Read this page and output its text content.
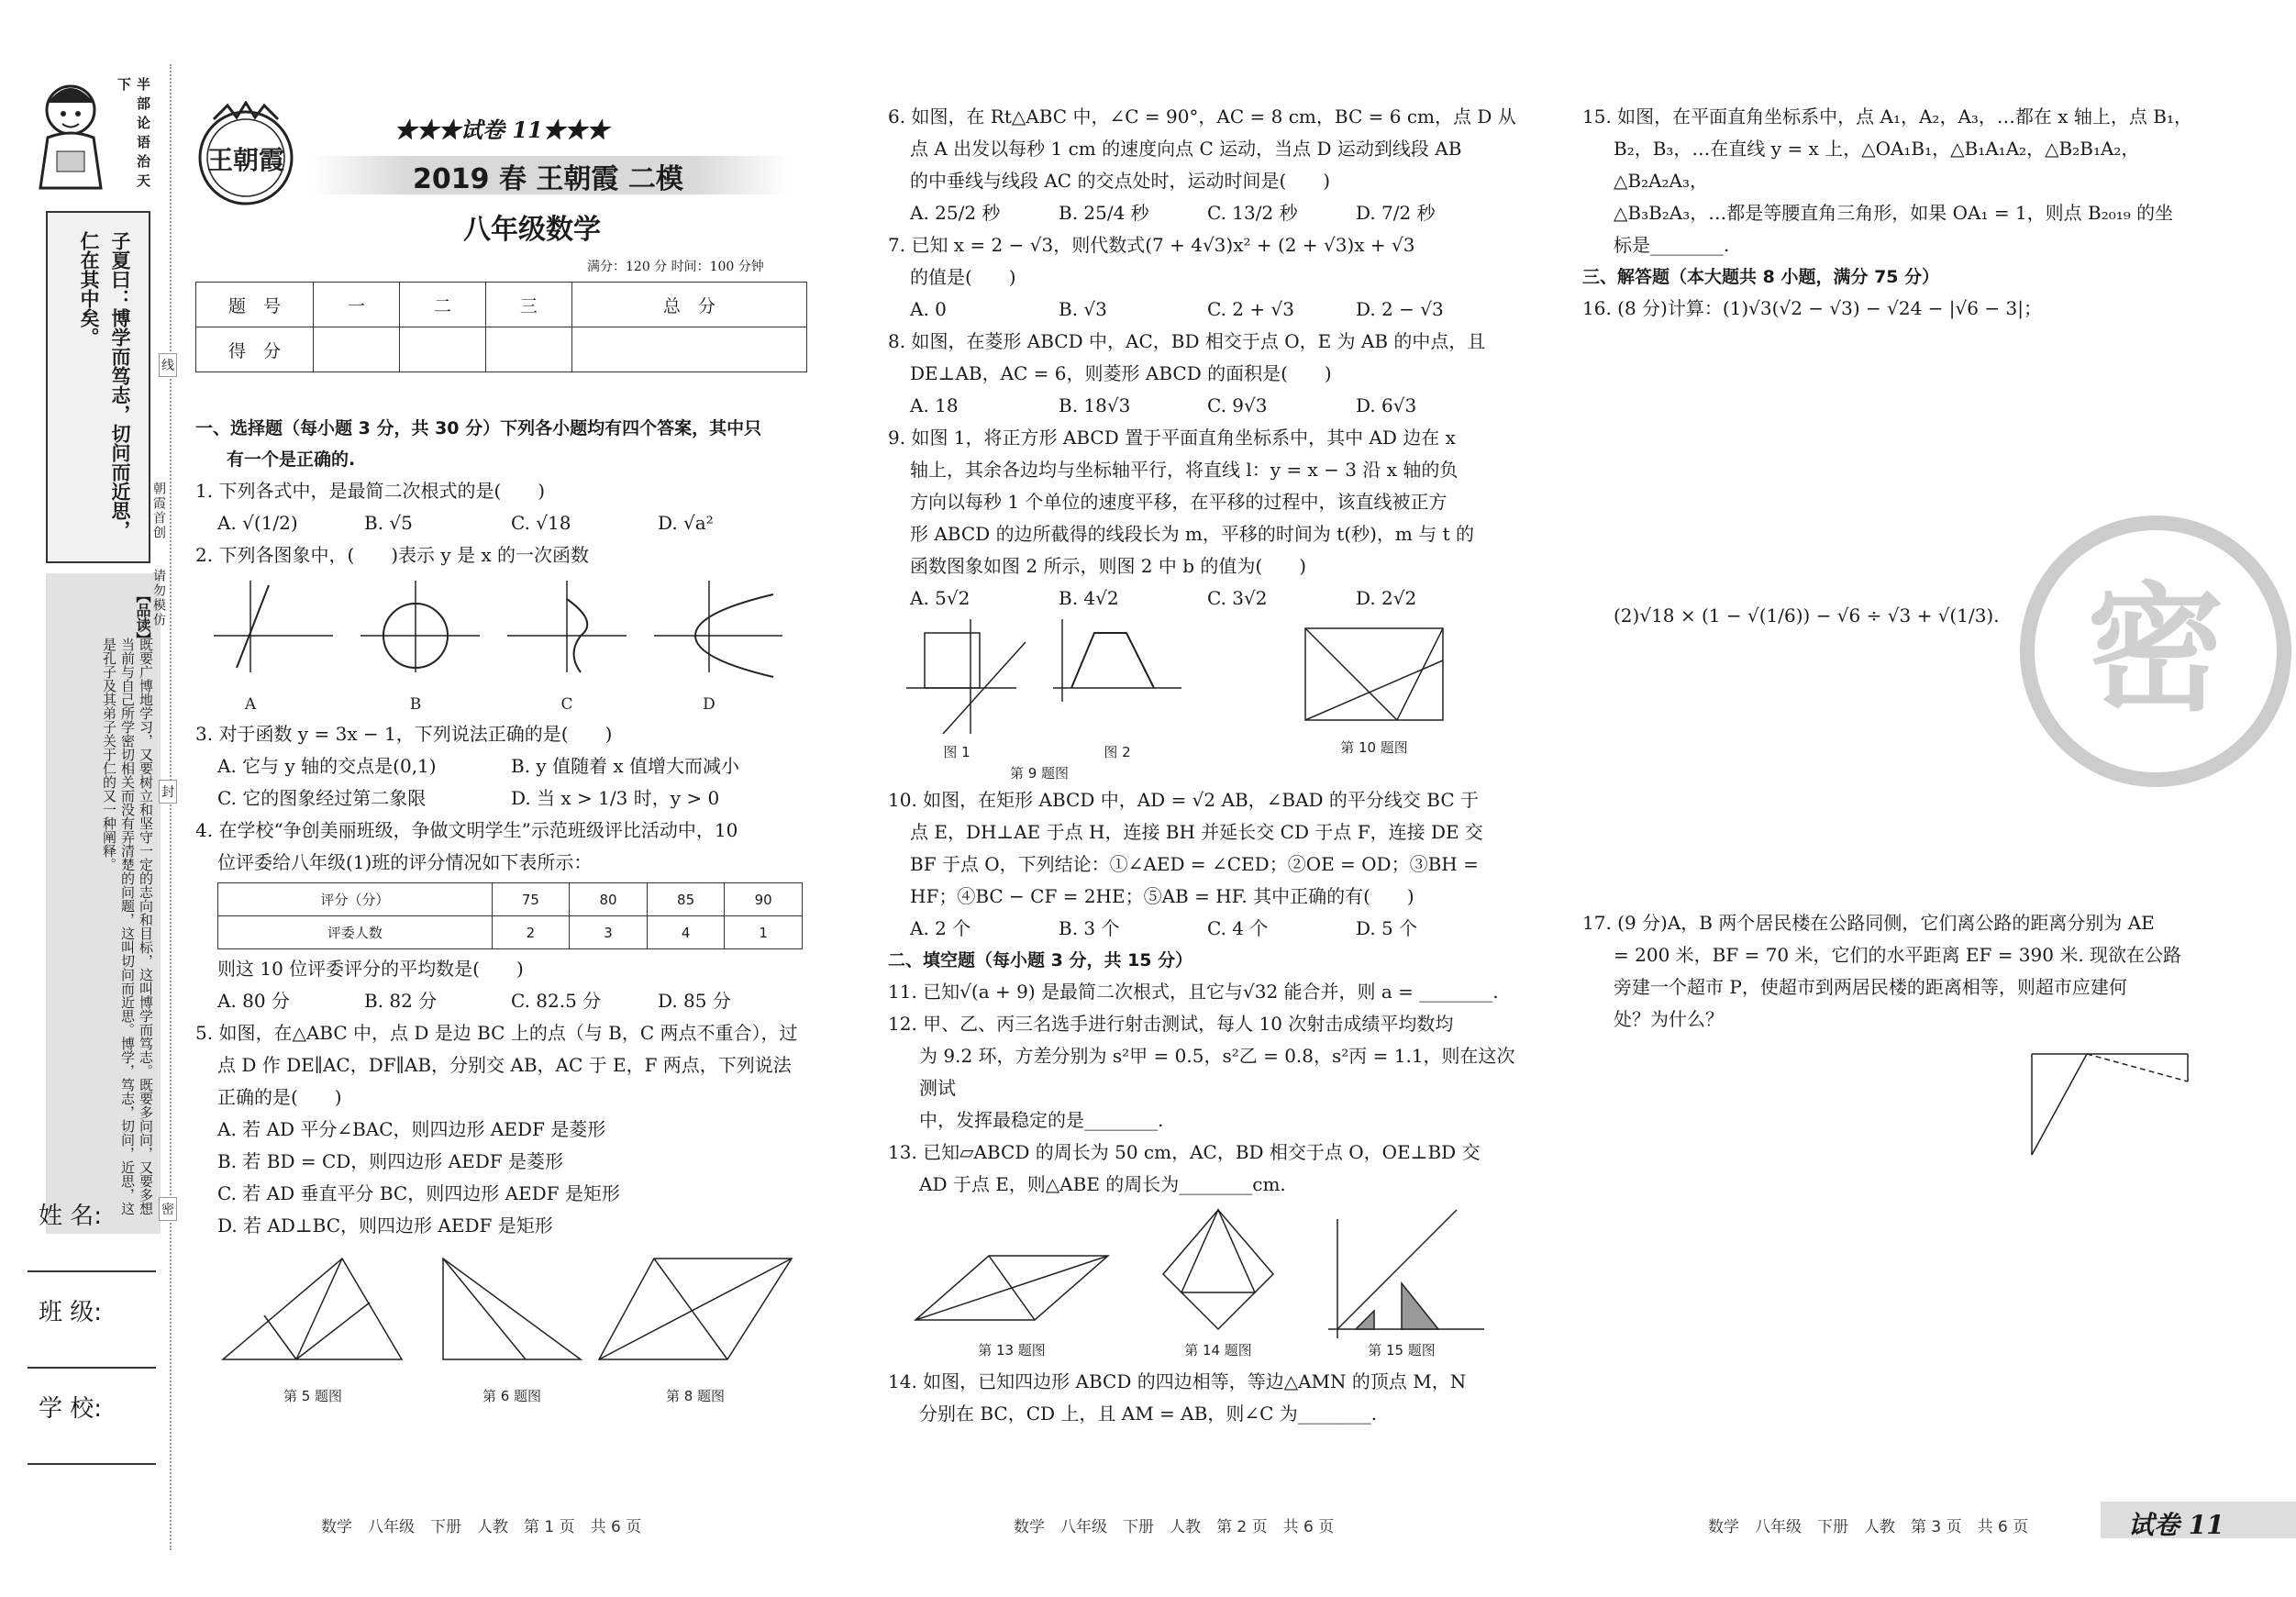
半部论语治天下
子夏曰：博学而笃志，切问而近思，仁在其中矣。
【品读】
既要广博地学习，又要树立和坚守一定的志向和目标，这叫博学而笃志。既要多问问，又要多想当前与自己所学密切相关而没有弄清楚的问题，这叫切问而近思。博学，笃志，切问，近思，这是孔子及其弟子关于仁的又一种阐释。
姓 名:
班 级:
学 校:
线
封
密
朝霞首创
请勿模仿
王朝霞
★★★试卷 11★★★
2019 春 王朝霞 二模
八年级数学
满分：120 分 时间：100 分钟
题　号	一	二	三	总　分
得　分				
一、选择题（每小题 3 分，共 30 分）下列各小题均有四个答案，其中只
有一个是正确的.
1. 下列各式中，是最简二次根式的是(　　)
A. √(1/2)	B. √5	C. √18	D. √a²
2. 下列各图象中，(　　)表示 y 是 x 的一次函数
A	B	C	D
3. 对于函数 y = 3x − 1，下列说法正确的是(　　)
A. 它与 y 轴的交点是(0,1)	B. y 值随着 x 值增大而减小
C. 它的图象经过第二象限	D. 当 x > 1/3 时，y > 0
4. 在学校“争创美丽班级，争做文明学生”示范班级评比活动中，10
位评委给八年级(1)班的评分情况如下表所示：
评分（分）	75	80	85	90
评委人数	2	3	4	1
则这 10 位评委评分的平均数是(　　)
A. 80 分	B. 82 分	C. 82.5 分	D. 85 分
5. 如图，在△ABC 中，点 D 是边 BC 上的点（与 B，C 两点不重合），过
点 D 作 DE∥AC，DF∥AB，分别交 AB，AC 于 E，F 两点，下列说法
正确的是(　　)
A. 若 AD 平分∠BAC，则四边形 AEDF 是菱形
B. 若 BD = CD，则四边形 AEDF 是菱形
C. 若 AD 垂直平分 BC，则四边形 AEDF 是矩形
D. 若 AD⊥BC，则四边形 AEDF 是矩形
第 5 题图	第 6 题图	第 8 题图
数学　八年级　下册　人教　第 1 页　共 6 页
6. 如图，在 Rt△ABC 中，∠C = 90°，AC = 8 cm，BC = 6 cm，点 D 从
点 A 出发以每秒 1 cm 的速度向点 C 运动，当点 D 运动到线段 AB
的中垂线与线段 AC 的交点处时，运动时间是(　　)
A. 25/2 秒	B. 25/4 秒	C. 13/2 秒	D. 7/2 秒
7. 已知 x = 2 − √3，则代数式(7 + 4√3)x² + (2 + √3)x + √3
的值是(　　)
A. 0	B. √3	C. 2 + √3	D. 2 − √3
8. 如图，在菱形 ABCD 中，AC，BD 相交于点 O，E 为 AB 的中点，且
DE⊥AB，AC = 6，则菱形 ABCD 的面积是(　　)
A. 18	B. 18√3	C. 9√3	D. 6√3
9. 如图 1，将正方形 ABCD 置于平面直角坐标系中，其中 AD 边在 x
轴上，其余各边均与坐标轴平行，将直线 l：y = x − 3 沿 x 轴的负
方向以每秒 1 个单位的速度平移，在平移的过程中，该直线被正方
形 ABCD 的边所截得的线段长为 m，平移的时间为 t(秒)，m 与 t 的
函数图象如图 2 所示，则图 2 中 b 的值为(　　)
A. 5√2	B. 4√2	C. 3√2	D. 2√2
图 1	图 2
第 9 题图
第 10 题图
10. 如图，在矩形 ABCD 中，AD = √2 AB，∠BAD 的平分线交 BC 于
点 E，DH⊥AE 于点 H，连接 BH 并延长交 CD 于点 F，连接 DE 交
BF 于点 O，下列结论：①∠AED = ∠CED；②OE = OD；③BH =
HF；④BC − CF = 2HE；⑤AB = HF. 其中正确的有(　　)
A. 2 个	B. 3 个	C. 4 个	D. 5 个
二、填空题（每小题 3 分，共 15 分）
11. 已知√(a + 9) 是最简二次根式，且它与√32 能合并，则 a = ________.
12. 甲、乙、丙三名选手进行射击测试，每人 10 次射击成绩平均数均
为 9.2 环，方差分别为 s²甲 = 0.5，s²乙 = 0.8，s²丙 = 1.1，则在这次测试
中，发挥最稳定的是________.
13. 已知▱ABCD 的周长为 50 cm，AC，BD 相交于点 O，OE⊥BD 交
AD 于点 E，则△ABE 的周长为________cm.
第 13 题图	第 14 题图	第 15 题图
14. 如图，已知四边形 ABCD 的四边相等，等边△AMN 的顶点 M，N
分别在 BC，CD 上，且 AM = AB，则∠C 为________.
数学　八年级　下册　人教　第 2 页　共 6 页
15. 如图，在平面直角坐标系中，点 A₁，A₂，A₃，…都在 x 轴上，点 B₁，
B₂，B₃，…在直线 y = x 上，△OA₁B₁，△B₁A₁A₂，△B₂B₁A₂，△B₂A₂A₃，
△B₃B₂A₃，…都是等腰直角三角形，如果 OA₁ = 1，则点 B₂₀₁₉ 的坐
标是________.
三、解答题（本大题共 8 小题，满分 75 分）
16. (8 分)计算：(1)√3(√2 − √3) − √24 − |√6 − 3|；
(2)√18 × (1 − √(1/6)) − √6 ÷ √3 + √(1/3).
17. (9 分)A，B 两个居民楼在公路同侧，它们离公路的距离分别为 AE
= 200 米，BF = 70 米，它们的水平距离 EF = 390 米. 现欲在公路
旁建一个超市 P，使超市到两居民楼的距离相等，则超市应建何
处？为什么？
密
数学　八年级　下册　人教　第 3 页　共 6 页	试卷 11
